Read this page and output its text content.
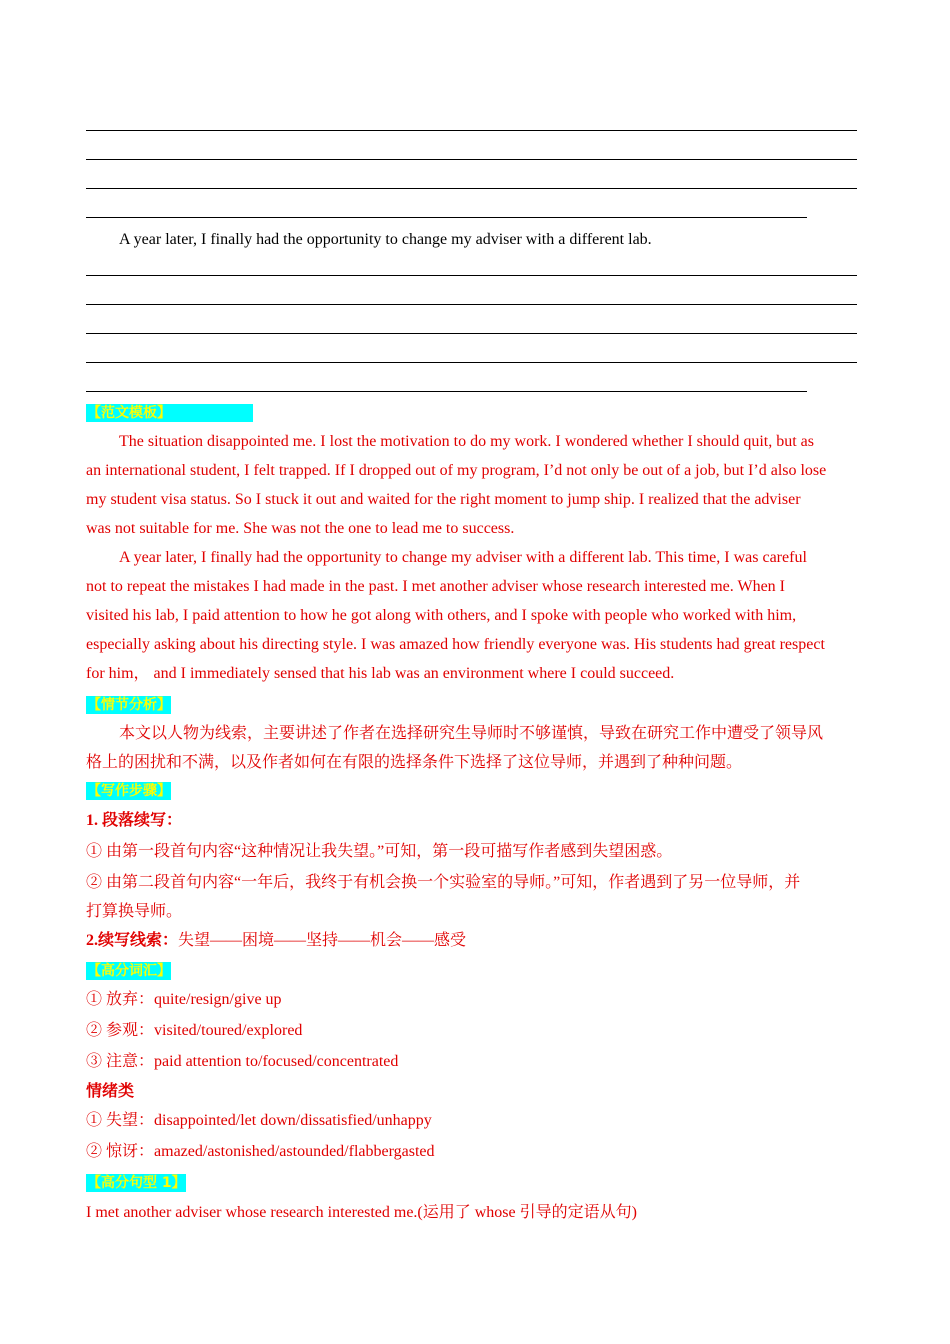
A year later, I finally had the opportunity to change my adviser with a different lab.
【范文模板】
The situation disappointed me. I lost the motivation to do my work. I wondered whether I should quit, but as
an international student, I felt trapped. If I dropped out of my program, I’d not only be out of a job, but I’d also lose
my student visa status. So I stuck it out and waited for the right moment to jump ship. I realized that the adviser
was not suitable for me. She was not the one to lead me to success.
A year later, I finally had the opportunity to change my adviser with a different lab. This time, I was careful
not to repeat the mistakes I had made in the past. I met another adviser whose research interested me. When I
visited his lab, I paid attention to how he got along with others, and I spoke with people who worked with him,
especially asking about his directing style. I was amazed how friendly everyone was. His students had great respect
for him， and I immediately sensed that his lab was an environment where I could succeed.
【情节分析】
本文以人物为线索，主要讲述了作者在选择研究生导师时不够谨慎，导致在研究工作中遭受了领导风
格上的困扰和不满，以及作者如何在有限的选择条件下选择了这位导师，并遇到了种种问题。
【写作步骤】
1. 段落续写：
① 由第一段首句内容“这种情况让我失望。”可知，第一段可描写作者感到失望困惑。
② 由第二段首句内容“一年后，我终于有机会换一个实验室的导师。”可知，作者遇到了另一位导师，并
打算换导师。
2.续写线索：失望——困境——坚持——机会——感受
【高分词汇】
① 放弃：quite/resign/give up
② 参观：visited/toured/explored
③ 注意：paid attention to/focused/concentrated
情绪类
① 失望：disappointed/let down/dissatisfied/unhappy
② 惊讶：amazed/astonished/astounded/flabbergasted
【高分句型 1】
I met another adviser whose research interested me.(运用了 whose 引导的定语从句)
